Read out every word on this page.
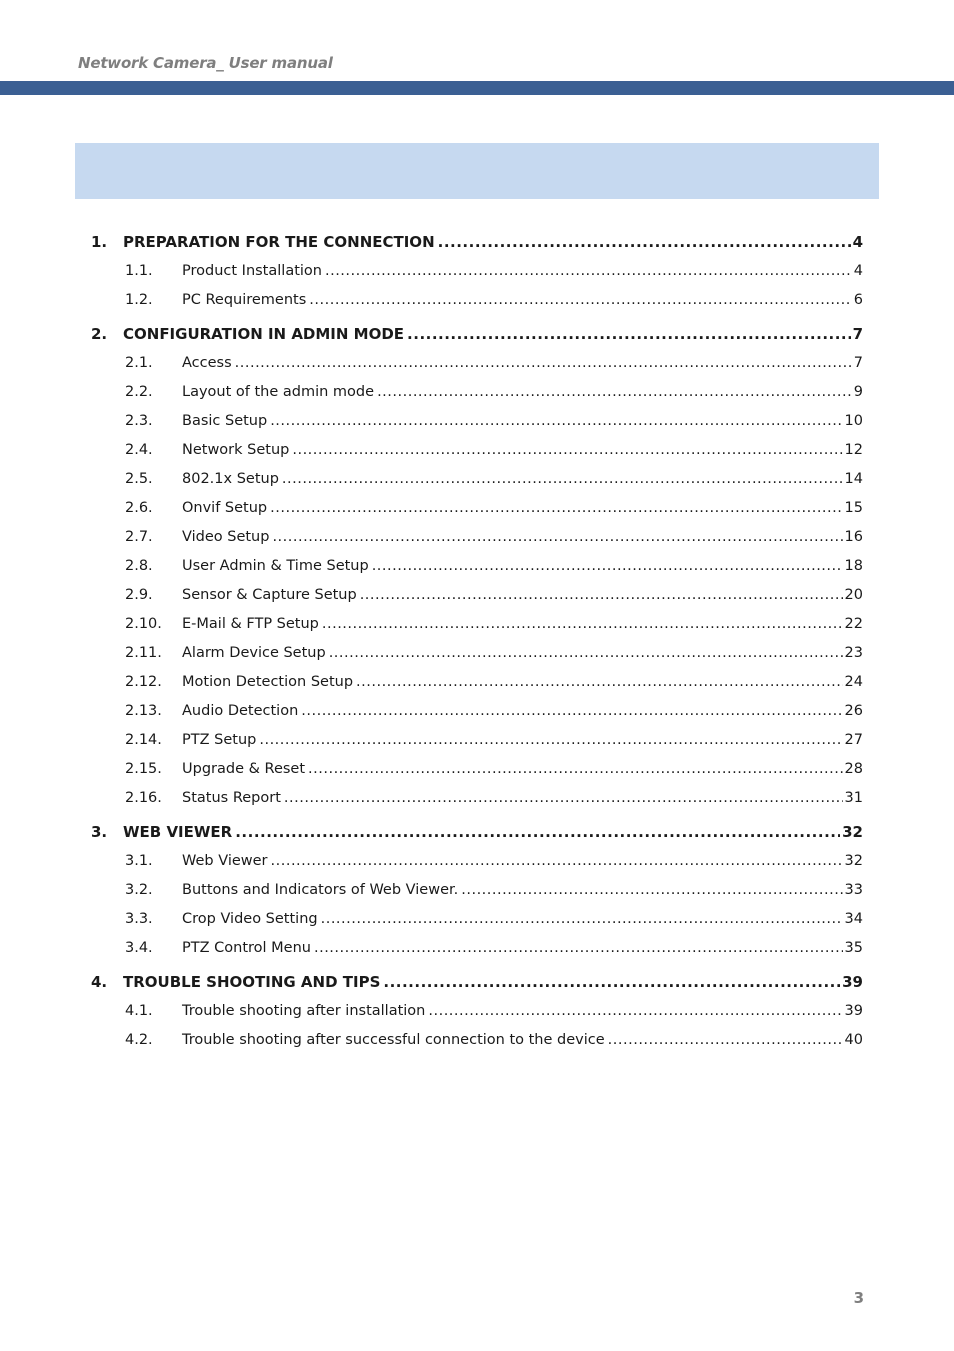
Network Camera_ User manual
1.	PREPARATION FOR THE CONNECTION .....	4
1.1.	Product Installation .....	4
1.2.	PC Requirements .....	6
2.	CONFIGURATION IN ADMIN MODE .....	7
2.1.	Access .....	7
2.2.	Layout of the admin mode .....	9
2.3.	Basic Setup .....	10
2.4.	Network Setup .....	12
2.5.	802.1x Setup .....	14
2.6.	Onvif Setup .....	15
2.7.	Video Setup .....	16
2.8.	User Admin & Time Setup .....	18
2.9.	Sensor & Capture Setup .....	20
2.10.	E-Mail & FTP Setup .....	22
2.11.	Alarm Device Setup .....	23
2.12.	Motion Detection Setup .....	24
2.13.	Audio Detection .....	26
2.14.	PTZ Setup .....	27
2.15.	Upgrade & Reset .....	28
2.16.	Status Report .....	31
3.	WEB VIEWER .....	32
3.1.	Web Viewer .....	32
3.2.	Buttons and Indicators of Web Viewer. .....	33
3.3.	Crop Video Setting .....	34
3.4.	PTZ Control Menu .....	35
4.	TROUBLE SHOOTING AND TIPS .....	39
4.1.	Trouble shooting after installation .....	39
4.2.	Trouble shooting after successful connection to the device .....	40
3
